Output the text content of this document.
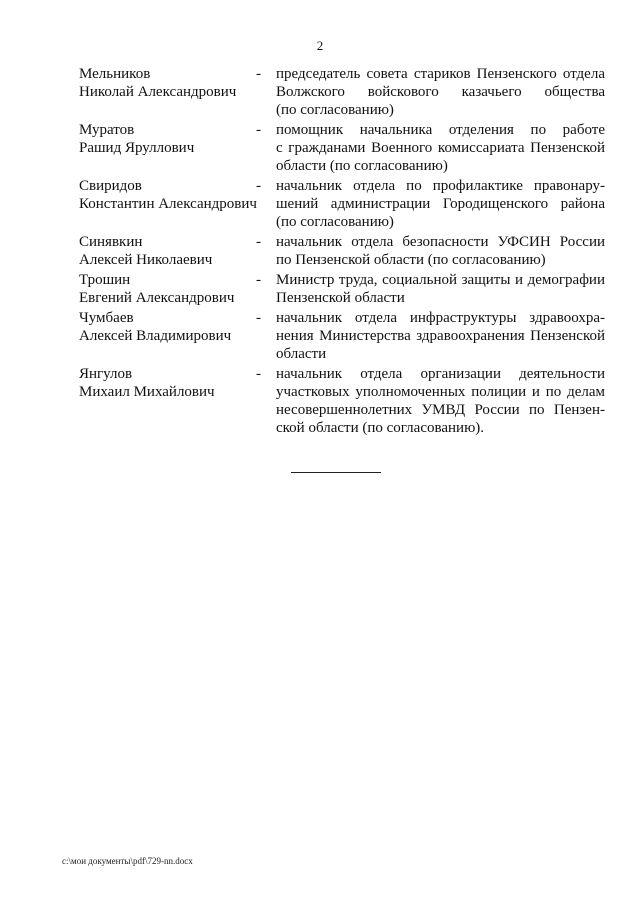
2
Мельников
Николай Александрович
-	председатель совета стариков Пензенского отдела
Волжского войскового казачьего общества
(по согласованию)
Муратов
Рашид Яруллович
-	помощник начальника отделения по работе
с гражданами Военного комиссариата Пензенской
области (по согласованию)
Свиридов
Константин Александрович
-	начальник отдела по профилактике правонару-
шений администрации Городищенского района
(по согласованию)
Синявкин
Алексей Николаевич
-	начальник отдела безопасности УФСИН России
по Пензенской области (по согласованию)
Трошин
Евгений Александрович
-	Министр труда, социальной защиты и демографии
Пензенской области
Чумбаев
Алексей Владимирович
-	начальник отдела инфраструктуры здравоохра-
нения Министерства здравоохранения Пензенской
области
Янгулов
Михаил Михайлович
-	начальник отдела организации деятельности
участковых уполномоченных полиции и по делам
несовершеннолетних УМВД России по Пензен-
ской области (по согласованию).
c:\мои документы\pdf\729-nn.docx
